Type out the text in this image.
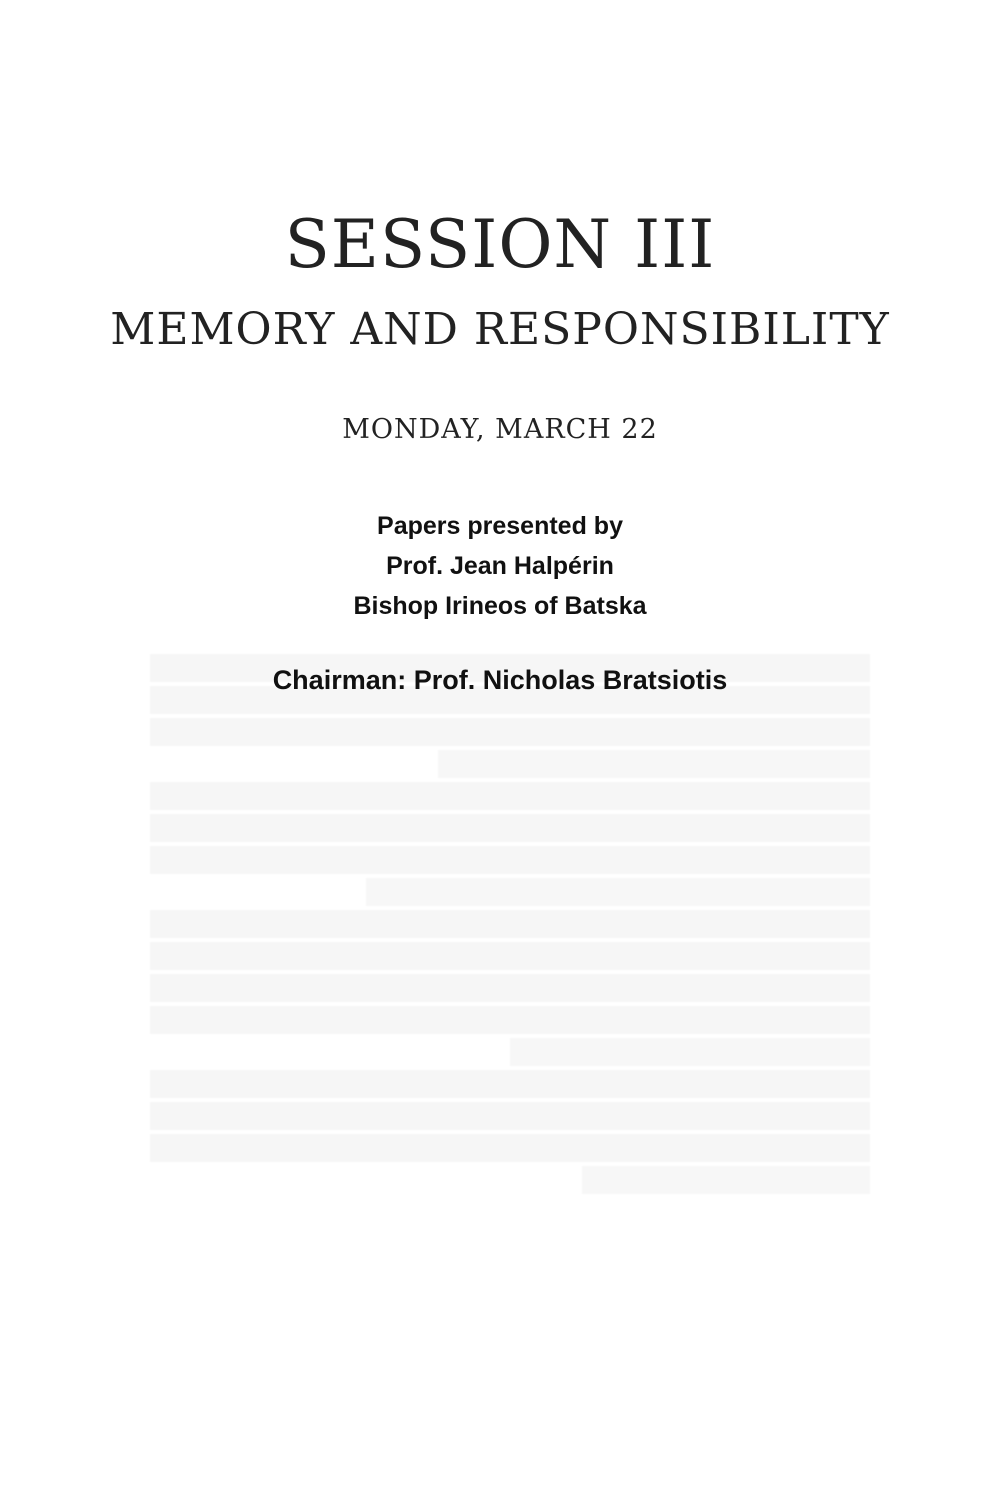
SESSION III
MEMORY AND RESPONSIBILITY
MONDAY, MARCH 22
Papers presented by
Prof. Jean Halpérin
Bishop Irineos of Batska
Chairman: Prof. Nicholas Bratsiotis
